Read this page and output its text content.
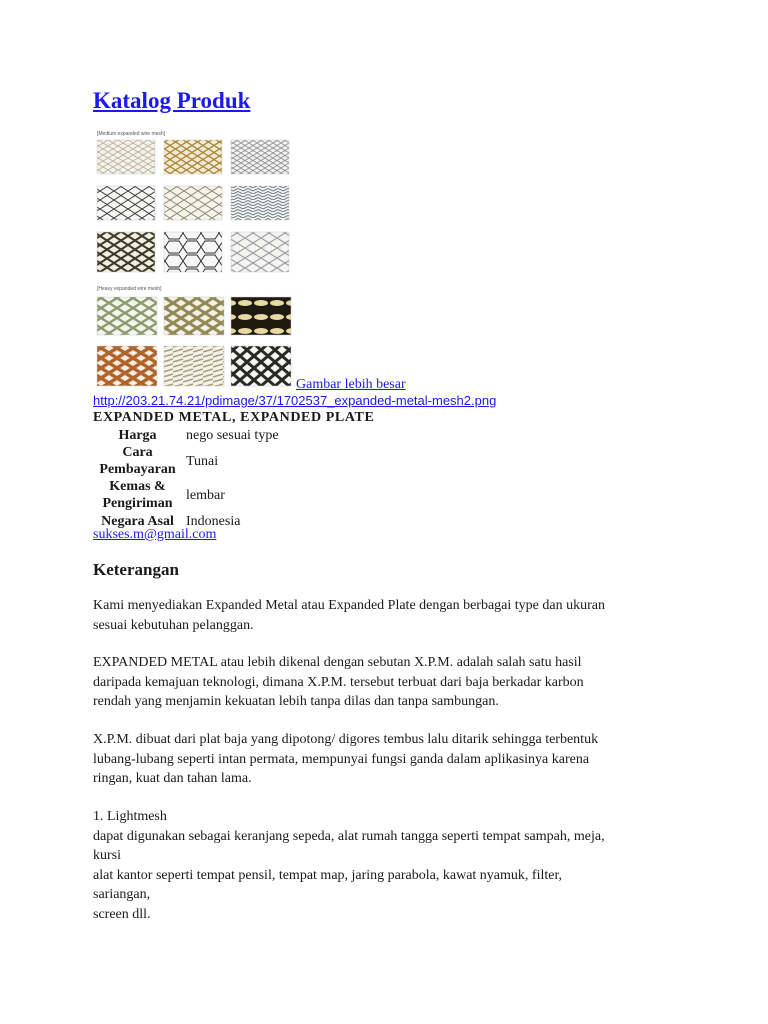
Katalog Produk
[Medium expanded wire mesh]
[Heavy expanded wire mesh]
Gambar lebih besar
http://203.21.74.21/pdimage/37/1702537_expanded-metal-mesh2.png
EXPANDED METAL, EXPANDED PLATE
Harga	nego sesuai type
Cara Pembayaran	Tunai
Kemas & Pengiriman	lembar
Negara Asal	Indonesia
sukses.m@gmail.com
Keterangan

Kami menyediakan Expanded Metal atau Expanded Plate dengan berbagai type dan ukuran
sesuai kebutuhan pelanggan.

EXPANDED METAL atau lebih dikenal dengan sebutan X.P.M. adalah salah satu hasil
daripada kemajuan teknologi, dimana X.P.M. tersebut terbuat dari baja berkadar karbon
rendah yang menjamin kekuatan lebih tanpa dilas dan tanpa sambungan.

X.P.M. dibuat dari plat baja yang dipotong/ digores tembus lalu ditarik sehingga terbentuk
lubang-lubang seperti intan permata, mempunyai fungsi ganda dalam aplikasinya karena
ringan, kuat dan tahan lama.

1. Lightmesh
dapat digunakan sebagai keranjang sepeda, alat rumah tangga seperti tempat sampah, meja,
kursi
alat kantor seperti tempat pensil, tempat map, jaring parabola, kawat nyamuk, filter,
sariangan,
screen dll.
